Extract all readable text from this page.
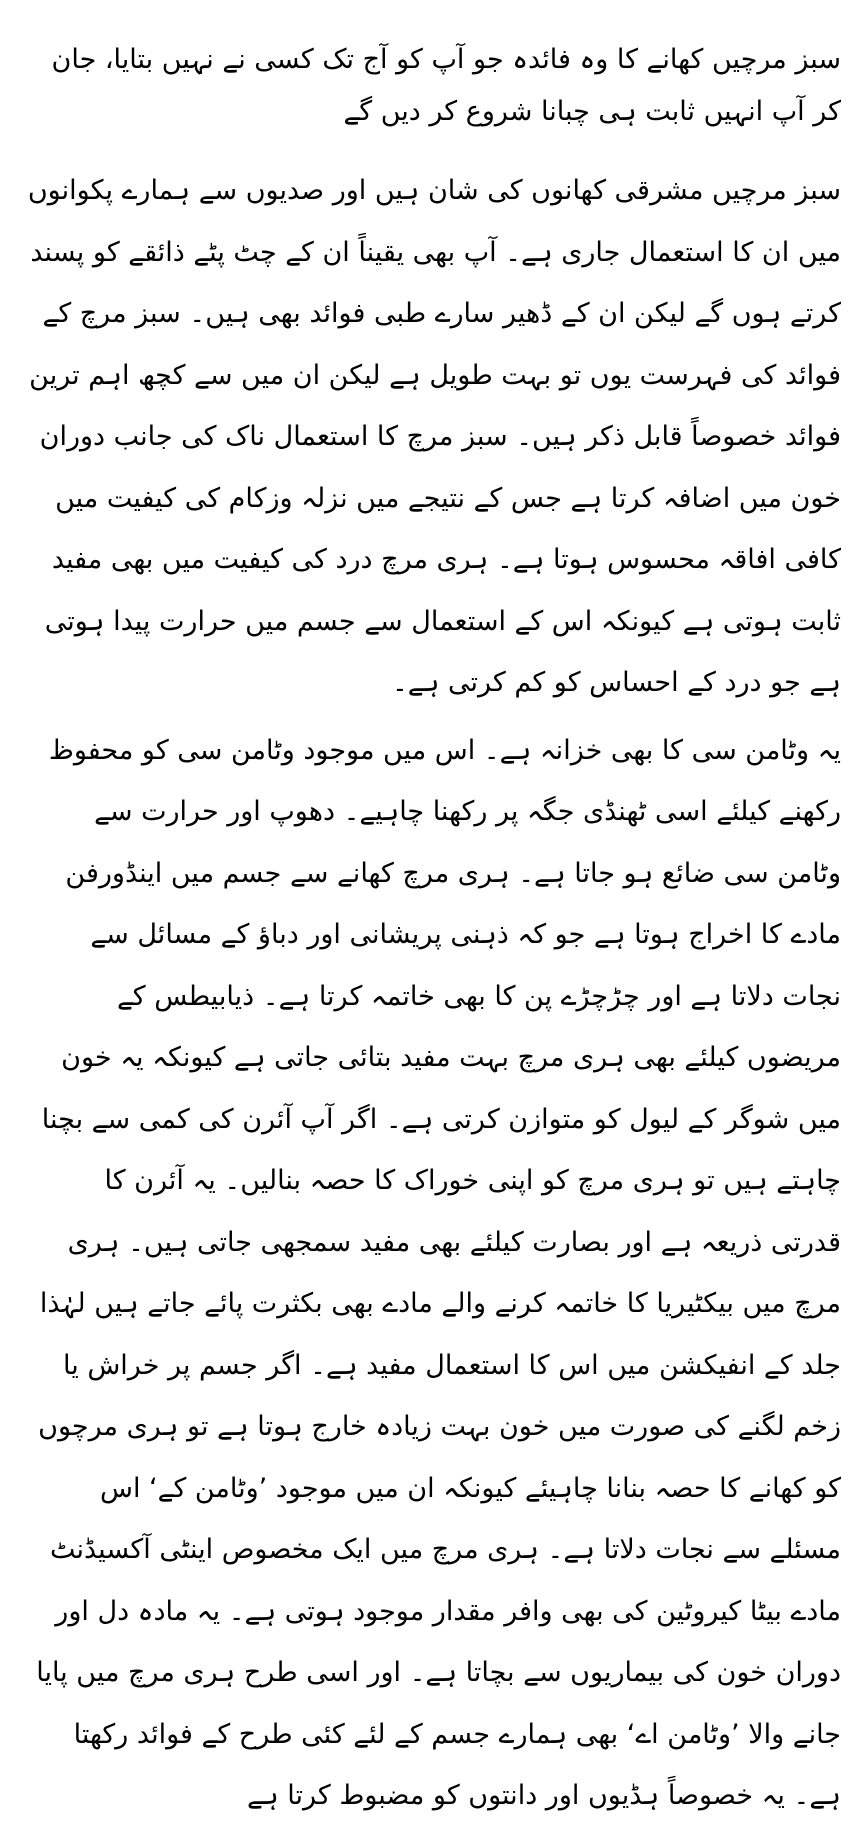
سبز مرچیں کھانے کا وہ فائدہ جو آپ کو آج تک کسی نے نہیں بتایا، جان کر آپ انہیں ثابت ہی چبانا شروع کر دیں گے

سبز مرچیں مشرقی کھانوں کی شان ہیں اور صدیوں سے ہمارے پکوانوں میں ان کا استعمال جاری ہے۔ آپ بھی یقیناً ان کے چٹ پٹے ذائقے کو پسند کرتے ہوں گے لیکن ان کے ڈھیر سارے طبی فوائد بھی ہیں۔ سبز مرچ کے فوائد کی فہرست یوں تو بہت طویل ہے لیکن ان میں سے کچھ اہم ترین فوائد خصوصاً قابل ذکر ہیں۔ سبز مرچ کا استعمال ناک کی جانب دوران خون میں اضافہ کرتا ہے جس کے نتیجے میں نزلہ وزکام کی کیفیت میں کافی افاقہ محسوس ہوتا ہے۔ ہری مرچ درد کی کیفیت میں بھی مفید ثابت ہوتی ہے کیونکہ اس کے استعمال سے جسم میں حرارت پیدا ہوتی ہے جو درد کے احساس کو کم کرتی ہے۔

یہ وٹامن سی کا بھی خزانہ ہے۔ اس میں موجود وٹامن سی کو محفوظ رکھنے کیلئے اسی ٹھنڈی جگہ پر رکھنا چاہیے۔ دھوپ اور حرارت سے وٹامن سی ضائع ہو جاتا ہے۔ ہری مرچ کھانے سے جسم میں اینڈورفن مادے کا اخراج ہوتا ہے جو کہ ذہنی پریشانی اور دباؤ کے مسائل سے نجات دلاتا ہے اور چڑچڑے پن کا بھی خاتمہ کرتا ہے۔ ذیابیطس کے مریضوں کیلئے بھی ہری مرچ بہت مفید بتائی جاتی ہے کیونکہ یہ خون میں شوگر کے لیول کو متوازن کرتی ہے۔ اگر آپ آئرن کی کمی سے بچنا چاہتے ہیں تو ہری مرچ کو اپنی خوراک کا حصہ بنالیں۔ یہ آئرن کا قدرتی ذریعہ ہے اور بصارت کیلئے بھی مفید سمجھی جاتی ہیں۔ ہری مرچ میں بیکٹیریا کا خاتمہ کرنے والے مادے بھی بکثرت پائے جاتے ہیں لہٰذا جلد کے انفیکشن میں اس کا استعمال مفید ہے۔ اگر جسم پر خراش یا زخم لگنے کی صورت میں خون بہت زیادہ خارج ہوتا ہے تو ہری مرچوں کو کھانے کا حصہ بنانا چاہیئے کیونکہ ان میں موجود ’وٹامن کے‘ اس مسئلے سے نجات دلاتا ہے۔ ہری مرچ میں ایک مخصوص اینٹی آکسیڈنٹ مادے بیٹا کیروٹین کی بھی وافر مقدار موجود ہوتی ہے۔ یہ مادہ دل اور دوران خون کی بیماریوں سے بچاتا ہے۔ اور اسی طرح ہری مرچ میں پایا جانے والا ’وٹامن اے‘ بھی ہمارے جسم کے لئے کئی طرح کے فوائد رکھتا ہے۔ یہ خصوصاً ہڈیوں اور دانتوں کو مضبوط کرتا ہے
